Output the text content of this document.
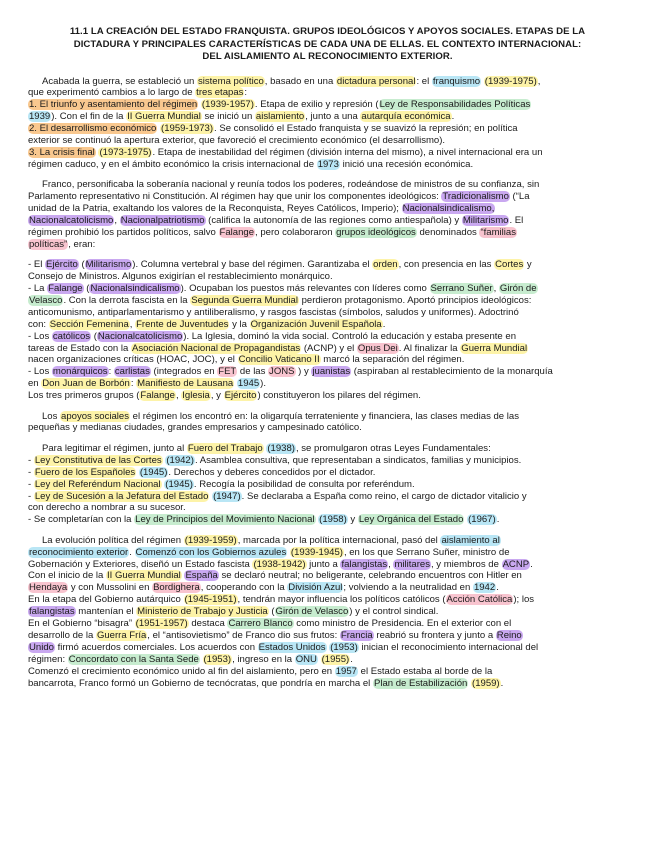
11.1 LA CREACIÓN DEL ESTADO FRANQUISTA. GRUPOS IDEOLÓGICOS Y APOYOS SOCIALES. ETAPAS DE LA
DICTADURA Y PRINCIPALES CARACTERÍSTICAS DE CADA UNA DE ELLAS. EL CONTEXTO INTERNACIONAL:
DEL AISLAMIENTO AL RECONOCIMIENTO EXTERIOR.
Acabada la guerra, se estableció un sistema político, basado en una dictadura personal: el franquismo (1939-1975),
que experimentó cambios a lo largo de tres etapas:
1. El triunfo y asentamiento del régimen (1939-1957). Etapa de exilio y represión (Ley de Responsabilidades Políticas
1939). Con el fin de la II Guerra Mundial se inició un aislamiento, junto a una autarquía económica.
2. El desarrollismo económico (1959-1973). Se consolidó el Estado franquista y se suavizó la represión; en política
exterior se continuó la apertura exterior, que favoreció el crecimiento económico (el desarrollismo).
3. La crisis final (1973-1975). Etapa de inestabilidad del régimen (división interna del mismo), a nivel internacional era un
régimen caduco, y en el ámbito económico la crisis internacional de 1973 inició una recesión económica.
Franco, personificaba la soberanía nacional y reunía todos los poderes, rodeándose de ministros de su confianza, sin
Parlamento representativo ni Constitución. Al régimen hay que unir los componentes ideológicos: Tradicionalismo (“La
unidad de la Patria, exaltando los valores de la Reconquista, Reyes Católicos, Imperio); Nacionalsindicalismo,
Nacionalcatolicismo, Nacionalpatriotismo (califica la autonomía de las regiones como antiespañola) y Militarismo. El
régimen prohibió los partidos políticos, salvo Falange, pero colaboraron grupos ideológicos denominados “familias
políticas”, eran:
- El Ejército (Militarismo). Columna vertebral y base del régimen. Garantizaba el orden, con presencia en las Cortes y
Consejo de Ministros. Algunos exigirían el restablecimiento monárquico.
- La Falange (Nacionalsindicalismo). Ocupaban los puestos más relevantes con líderes como Serrano Suñer, Girón de
Velasco. Con la derrota fascista en la Segunda Guerra Mundial perdieron protagonismo. Aportó principios ideológicos:
anticomunismo, antiparlamentarismo y antiliberalismo, y rasgos fascistas (símbolos, saludos y uniformes). Adoctrinó
con: Sección Femenina, Frente de Juventudes y la Organización Juvenil Española.
- Los católicos (Nacionalcatolicismo). La Iglesia, dominó la vida social. Controló la educación y estaba presente en
tareas de Estado con la Asociación Nacional de Propagandistas (ACNP) y el Opus Dei. Al finalizar la Guerra Mundial
nacen organizaciones críticas (HOAC, JOC), y el Concilio Vaticano II marcó la separación del régimen.
- Los monárquicos: carlistas (integrados en FET de las JONS ) y juanistas (aspiraban al restablecimiento de la monarquía
en Don Juan de Borbón: Manifiesto de Lausana 1945).
Los tres primeros grupos (Falange, Iglesia, y Ejército) constituyeron los pilares del régimen.
Los apoyos sociales el régimen los encontró en: la oligarquía terrateniente y financiera, las clases medias de las
pequeñas y medianas ciudades, grandes empresarios y campesinado católico.
Para legitimar el régimen, junto al Fuero del Trabajo (1938), se promulgaron otras Leyes Fundamentales:
- Ley Constitutiva de las Cortes (1942). Asamblea consultiva, que representaban a sindicatos, familias y municipios.
- Fuero de los Españoles (1945). Derechos y deberes concedidos por el dictador.
- Ley del Referéndum Nacional (1945). Recogía la posibilidad de consulta por referéndum.
- Ley de Sucesión a la Jefatura del Estado (1947). Se declaraba a España como reino, el cargo de dictador vitalicio y
con derecho a nombrar a su sucesor.
- Se completarían con la Ley de Principios del Movimiento Nacional (1958) y Ley Orgánica del Estado (1967).
La evolución política del régimen (1939-1959), marcada por la política internacional, pasó del aislamiento al
reconocimiento exterior. Comenzó con los Gobiernos azules (1939-1945), en los que Serrano Suñer, ministro de
Gobernación y Exteriores, diseñó un Estado fascista (1938-1942) junto a falangistas, militares, y miembros de ACNP.
Con el inicio de la II Guerra Mundial España se declaró neutral; no beligerante, celebrando encuentros con Hitler en
Hendaya y con Mussolini en Bordighera, cooperando con la División Azul; volviendo a la neutralidad en 1942.
En la etapa del Gobierno autárquico (1945-1951), tendrán mayor influencia los políticos católicos (Acción Católica); los
falangistas mantenían el Ministerio de Trabajo y Justicia (Girón de Velasco) y el control sindical.
En el Gobierno “bisagra” (1951-1957) destaca Carrero Blanco como ministro de Presidencia. En el exterior con el
desarrollo de la Guerra Fría, el “antisovietismo” de Franco dio sus frutos: Francia reabrió su frontera y junto a Reino
Unido firmó acuerdos comerciales. Los acuerdos con Estados Unidos (1953) inician el reconocimiento internacional del
régimen: Concordato con la Santa Sede (1953), ingreso en la ONU (1955).
Comenzó el crecimiento económico unido al fin del aislamiento, pero en 1957 el Estado estaba al borde de la
bancarrota, Franco formó un Gobierno de tecnócratas, que pondría en marcha el Plan de Estabilización (1959).
